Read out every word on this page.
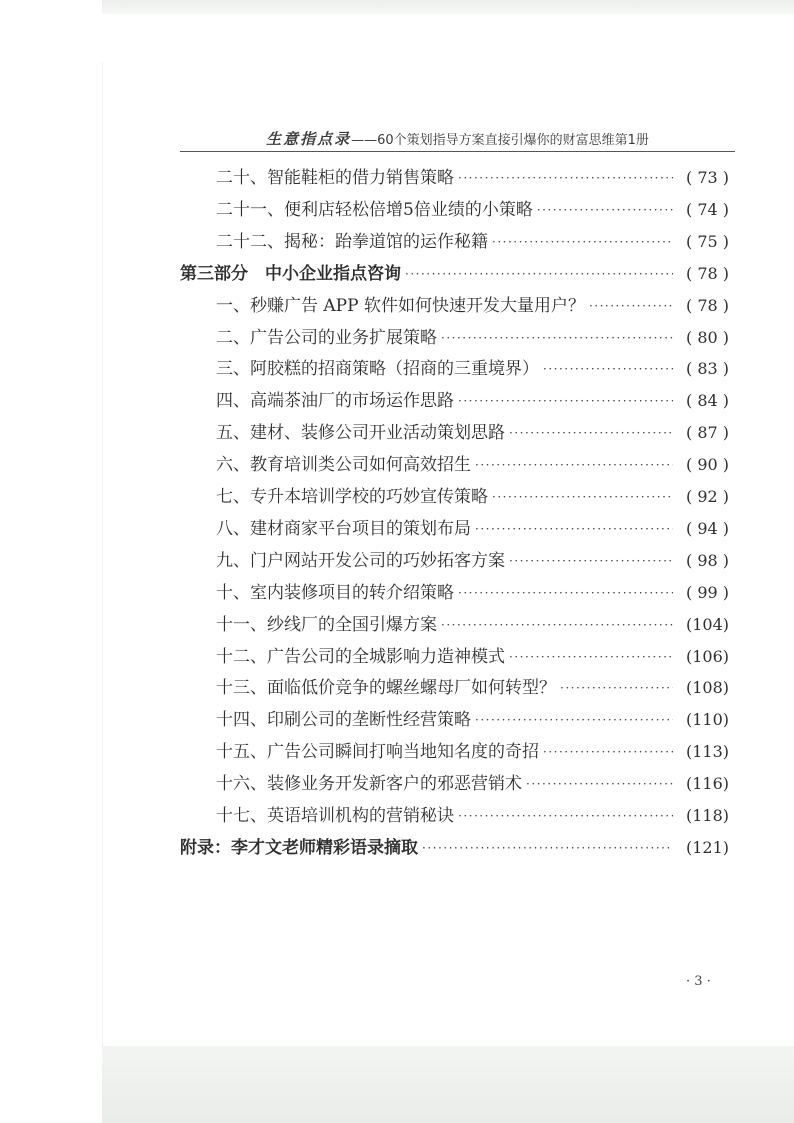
生意指点录——60个策划指导方案直接引爆你的财富思维第1册
二十、智能鞋柜的借力销售策略 ·····	( 73 )
二十一、便利店轻松倍增5倍业绩的小策略 ·····	( 74 )
二十二、揭秘：跆拳道馆的运作秘籍 ·····	( 75 )
第三部分　中小企业指点咨询 ·····	( 78 )
一、秒赚广告 APP 软件如何快速开发大量用户？ ·····	( 78 )
二、广告公司的业务扩展策略 ·····	( 80 )
三、阿胶糕的招商策略（招商的三重境界） ·····	( 83 )
四、高端茶油厂的市场运作思路 ·····	( 84 )
五、建材、装修公司开业活动策划思路 ·····	( 87 )
六、教育培训类公司如何高效招生 ·····	( 90 )
七、专升本培训学校的巧妙宣传策略 ·····	( 92 )
八、建材商家平台项目的策划布局 ·····	( 94 )
九、门户网站开发公司的巧妙拓客方案 ·····	( 98 )
十、室内装修项目的转介绍策略 ·····	( 99 )
十一、纱线厂的全国引爆方案 ·····	(104)
十二、广告公司的全城影响力造神模式 ·····	(106)
十三、面临低价竞争的螺丝螺母厂如何转型？ ·····	(108)
十四、印刷公司的垄断性经营策略 ·····	(110)
十五、广告公司瞬间打响当地知名度的奇招 ·····	(113)
十六、装修业务开发新客户的邪恶营销术 ·····	(116)
十七、英语培训机构的营销秘诀 ·····	(118)
附录：李才文老师精彩语录摘取 ·····	(121)
· 3 ·
